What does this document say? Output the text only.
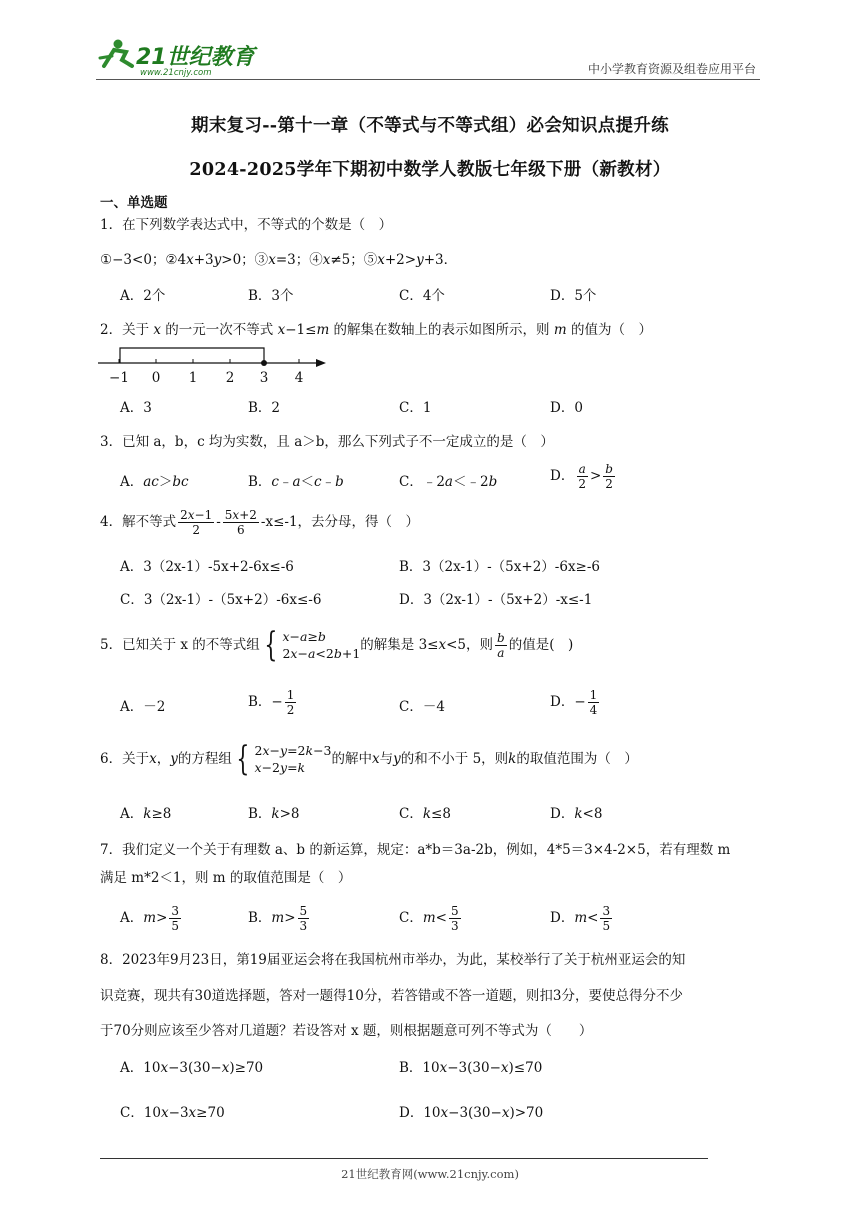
21世纪教育
www.21cnjy.com	中小学教育资源及组卷应用平台
期末复习--第十一章（不等式与不等式组）必会知识点提升练
2024-2025学年下期初中数学人教版七年级下册（新教材）
一、单选题
1．在下列数学表达式中，不等式的个数是（　）
①−3<0；②4x+3y>0；③x=3；④x≠5；⑤x+2>y+3．
A．2个	B．3个	C．4个	D．5个
2．关于 x 的一元一次不等式 x−1≤m 的解集在数轴上的表示如图所示，则 m 的值为（　）
−1 0 1 2 3 4
A．3	B．2	C．1	D．0
3．已知 a，b，c 均为实数，且 a＞b，那么下列式子不一定成立的是（　）
A．ac＞bc	B．c﹣a＜c﹣b	C．﹣2a＜﹣2b	D． $\frac{a}{2} > \frac{b}{2}$
4．解不等式 $\frac{2x-1}{2} - \frac{5x+2}{6} -x\le-1$，去分母，得（　）
A．3（2x-1）-5x+2-6x≤-6	B．3（2x-1）-（5x+2）-6x≥-6
C．3（2x-1）-（5x+2）-6x≤-6	D．3（2x-1）-（5x+2）-x≤-1
5．已知关于 x 的不等式组 { x−a≥b
2x−a<2b+1
的解集是 3≤ x <5，则 $\frac{b}{a}$ 的值是(　)
A．－2	B．− $\frac{1}{2}$	C．－4	D．− $\frac{1}{4}$
6．关于 x ， y 的方程组 { 2x−y=2k−3
x−2y=k
的解中 x 与 y 的和不小于 5，则 k 的取值范围为（　）
A．k≥8	B．k>8	C．k≤8	D．k<8
7．我们定义一个关于有理数 a、b 的新运算，规定：a*b＝3a-2b，例如，4*5＝3×4-2×5，若有理数 m
满足 m*2＜1，则 m 的取值范围是（　）
A．$m> \frac{3}{5}$	B．$m> \frac{5}{3}$	C．$m< \frac{5}{3}$	D．$m< \frac{3}{5}$
8．2023年9月23日，第19届亚运会将在我国杭州市举办，为此，某校举行了关于杭州亚运会的知
识竞赛，现共有30道选择题，答对一题得10分，若答错或不答一道题，则扣3分，要使总得分不少
于70分则应该至少答对几道题？若设答对 x 题，则根据题意可列不等式为（　　）
A．10x−3(30−x)≥70	B．10x−3(30−x)≤70
C．10x−3x≥70	D．10x−3(30−x)>70
21世纪教育网(www.21cnjy.com)
